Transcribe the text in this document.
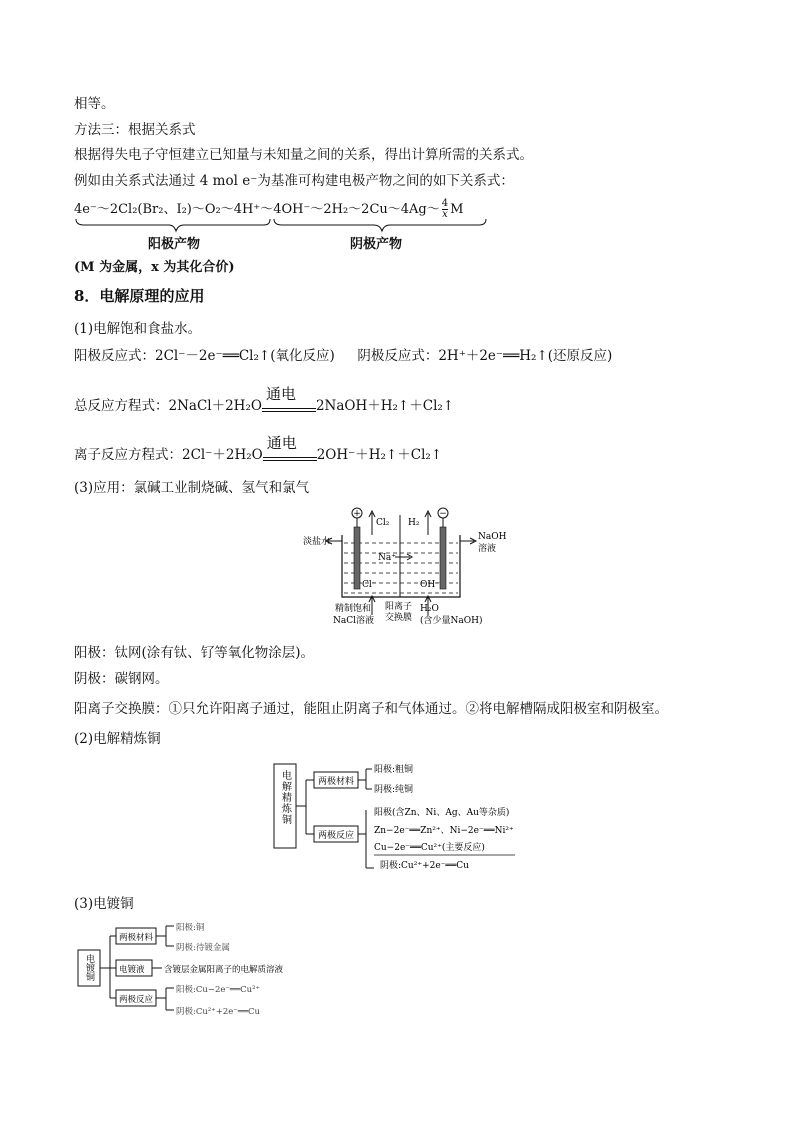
相等。
方法三：根据关系式
根据得失电子守恒建立已知量与未知量之间的关系，得出计算所需的关系式。
例如由关系式法通过 4 mol e⁻为基准可构建电极产物之间的如下关系式：
4e⁻～2Cl₂(Br₂、I₂)～O₂～4H⁺～4OH⁻～2H₂～2Cu～4Ag～ $\frac{4}{x}$ M
阳极产物	阴极产物
(M 为金属，x 为其化合价)
8．电解原理的应用
(1)电解饱和食盐水。
阳极反应式：2Cl⁻－2e⁻══Cl₂↑(氧化反应) 阴极反应式：2H⁺＋2e⁻══H₂↑(还原反应)
总反应方程式：2NaCl＋2H₂O
通电
2NaOH＋H₂↑＋Cl₂↑
离子反应方程式：2Cl⁻＋2H₂O
通电
2OH⁻＋H₂↑＋Cl₂↑
(3)应用：氯碱工业制烧碱、氢气和氯气
+	−
Cl₂ H₂
淡盐水	NaOH
溶液
Na⁺
Cl⁻	OH⁻
精制饱和
NaCl溶液
阳离子
交换膜
H₂O
(含少量NaOH)
阳极：钛网(涂有钛、钌等氧化物涂层)。
阴极：碳钢网。
阳离子交换膜：①只允许阳离子通过，能阻止阴离子和气体通过。②将电解槽隔成阳极室和阴极室。
(2)电解精炼铜
电解精炼铜	两极材料
两极反应
阳极:粗铜
阴极:纯铜
阳极(含Zn、Ni、Ag、Au等杂质)
Zn−2e⁻══Zn²⁺、Ni−2e⁻══Ni²⁺
Cu−2e⁻══Cu²⁺(主要反应)
阴极:Cu²⁺+2e⁻══Cu
(3)电镀铜
电镀铜
两极材料
电镀液 含镀层金属阳离子的电解质溶液
两极反应
阳极:铜
阴极:待镀金属
阳极:Cu−2e⁻══Cu²⁺
阴极:Cu²⁺+2e⁻══Cu
